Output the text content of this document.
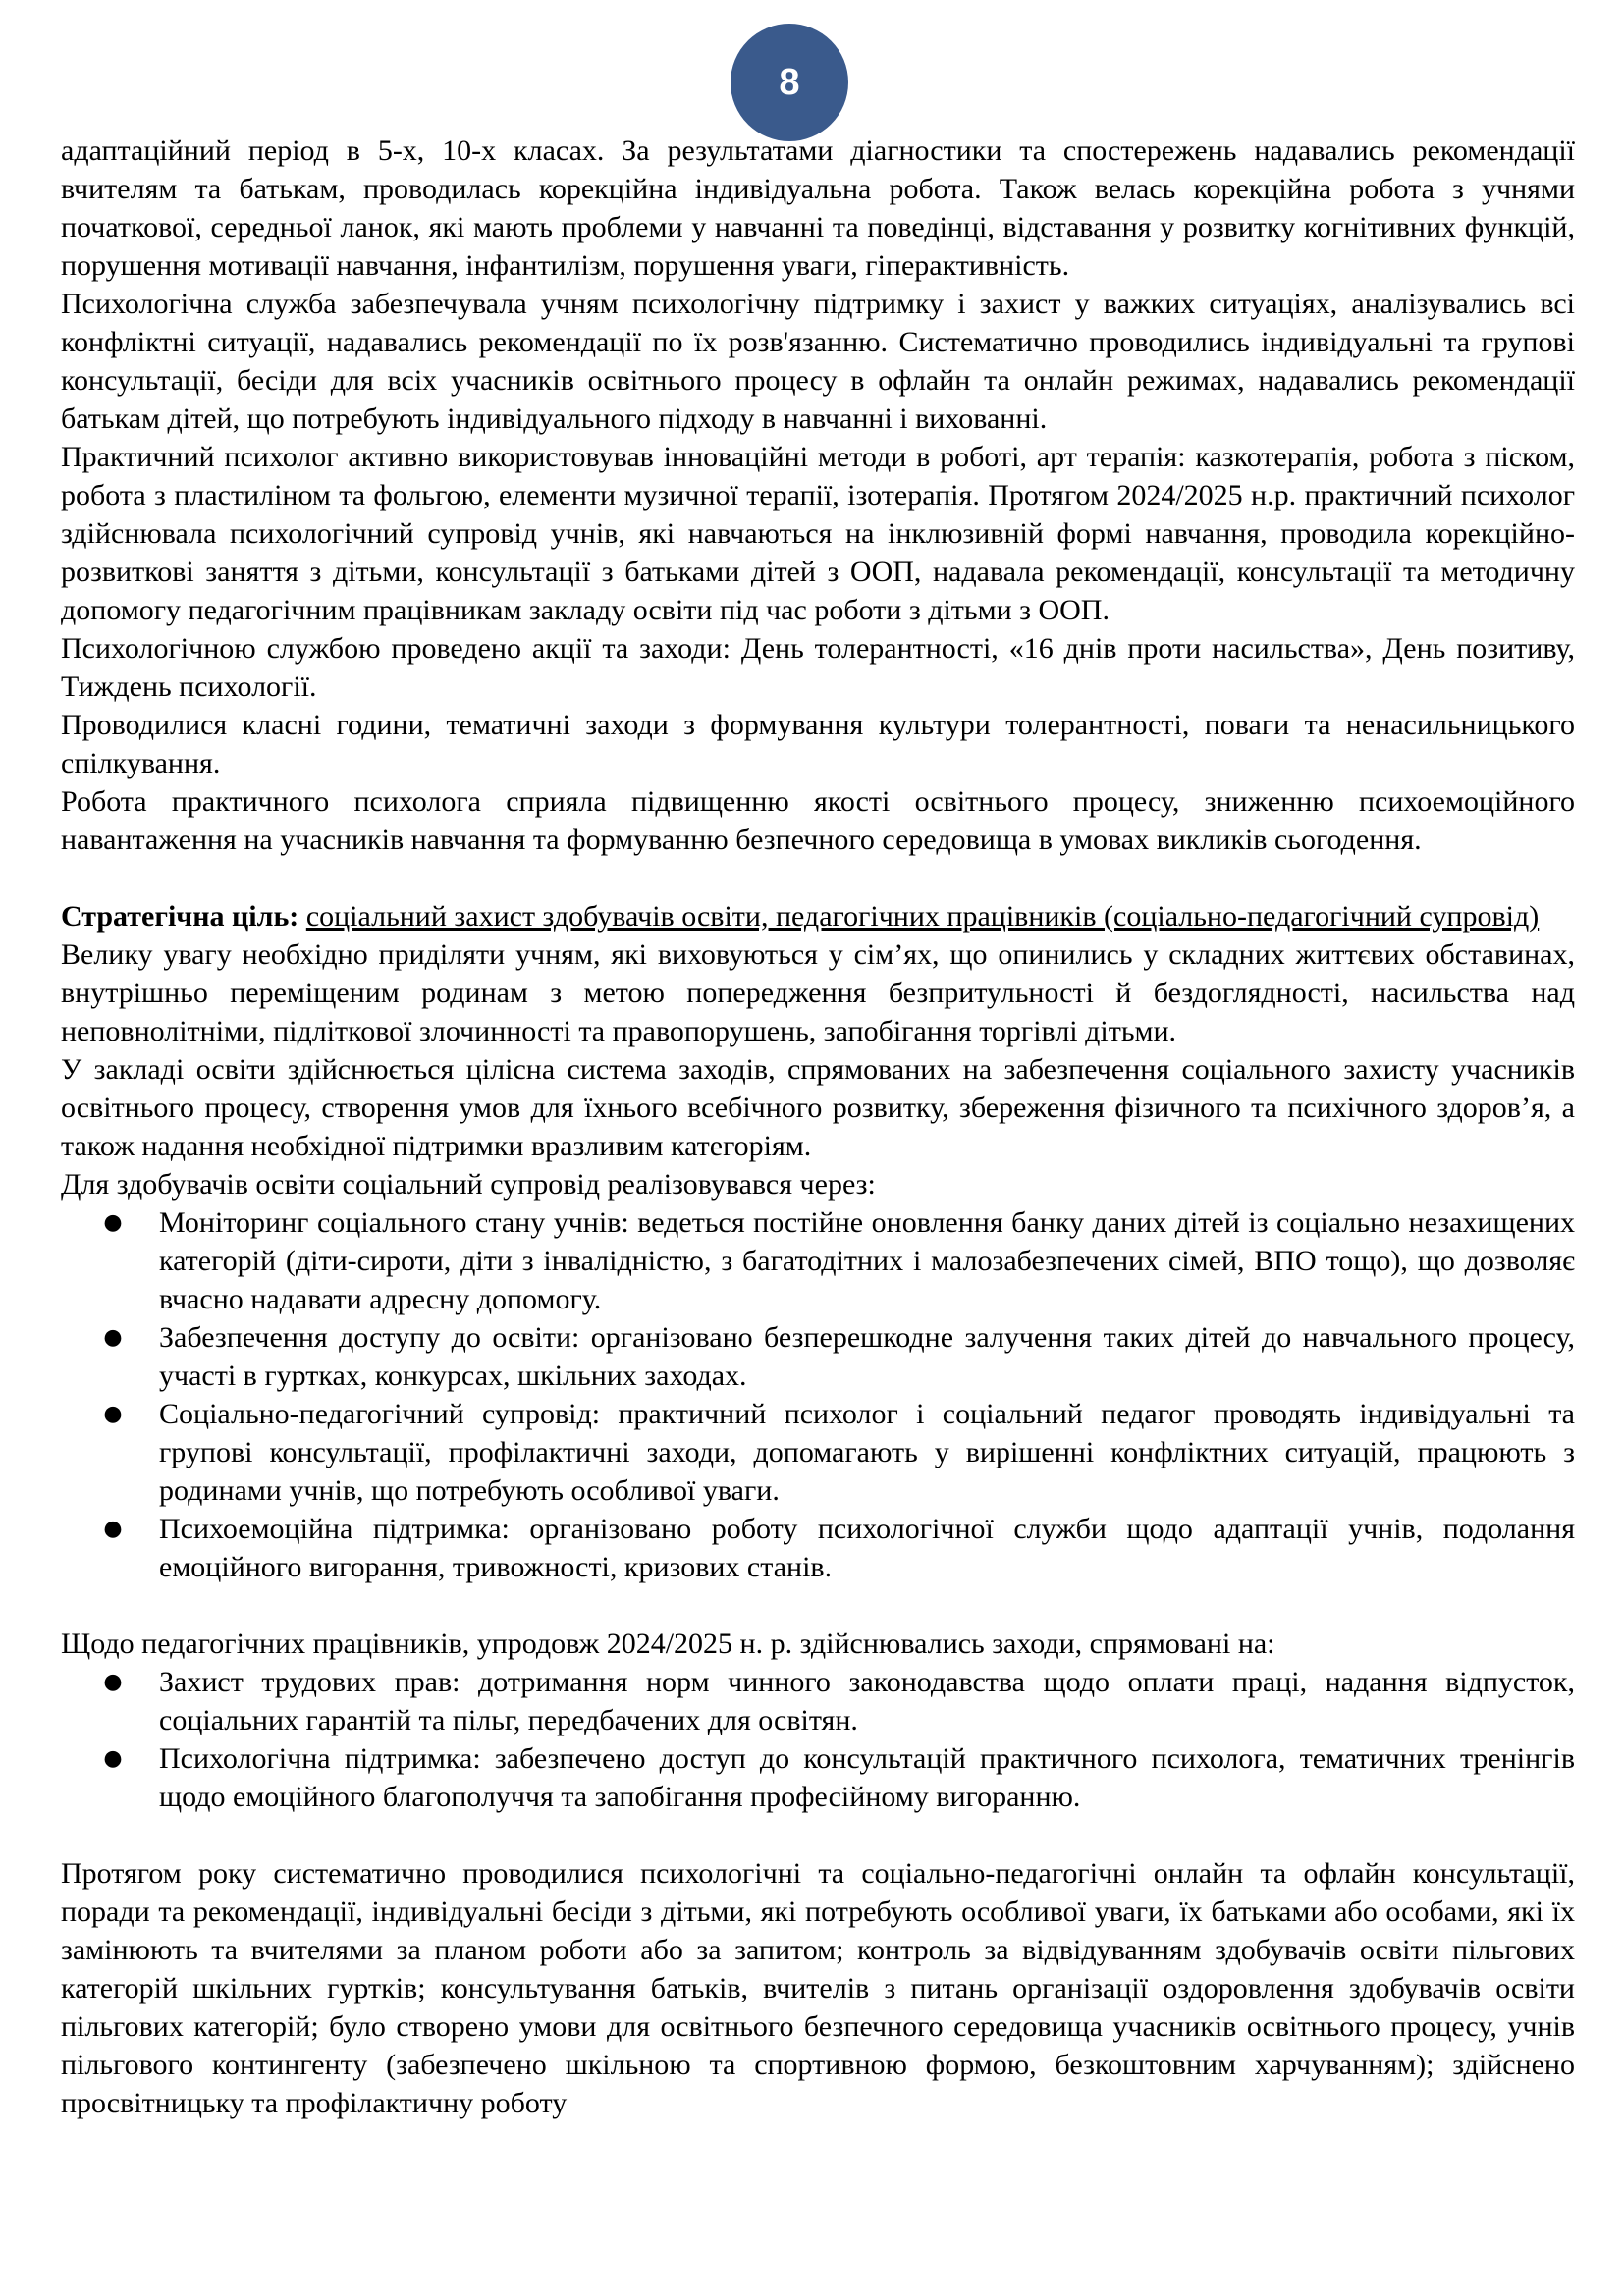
8

адаптаційний період в 5-х, 10-х класах. За результатами діагностики та спостережень надавались рекомендації вчителям та батькам, проводилась корекційна індивідуальна робота. Також велась корекційна робота з учнями початкової, середньої ланок, які мають проблеми у навчанні та поведінці, відставання у розвитку когнітивних функцій, порушення мотивації навчання, інфантилізм, порушення уваги, гіперактивність.

Психологічна служба забезпечувала учням психологічну підтримку і захист у важких ситуаціях, аналізувались всі конфліктні ситуації, надавались рекомендації по їх розв'язанню. Систематично проводились індивідуальні та групові консультації, бесіди для всіх учасників освітнього процесу в офлайн та онлайн режимах, надавались рекомендації батькам дітей, що потребують індивідуального підходу в навчанні і вихованні.

Практичний психолог активно використовував інноваційні методи в роботі, арт терапія: казкотерапія, робота з піском, робота з пластиліном та фольгою, елементи музичної терапії, ізотерапія. Протягом 2024/2025 н.р. практичний психолог здійснювала психологічний супровід учнів, які навчаються на інклюзивній формі навчання, проводила корекційно-розвиткові заняття з дітьми, консультації з батьками дітей з ООП, надавала рекомендації, консультації та методичну допомогу педагогічним працівникам закладу освіти під час роботи з дітьми з ООП.

Психологічною службою проведено акції та заходи: День толерантності, «16 днів проти насильства», День позитиву, Тиждень психології.

Проводилися класні години, тематичні заходи з формування культури толерантності, поваги та ненасильницького спілкування.

Робота практичного психолога сприяла підвищенню якості освітнього процесу, зниженню психоемоційного навантаження на учасників навчання та формуванню безпечного середовища в умовах викликів сьогодення.

Стратегічна ціль: соціальний захист здобувачів освіти, педагогічних працівників (соціально-педагогічний супровід)

Велику увагу необхідно приділяти учням, які виховуються у сім’ях, що опинились у складних життєвих обставинах, внутрішньо переміщеним родинам з метою попередження безпритульності й бездоглядності, насильства над неповнолітніми, підліткової злочинності та правопорушень, запобігання торгівлі дітьми.

У закладі освіти здійснюється цілісна система заходів, спрямованих на забезпечення соціального захисту учасників освітнього процесу, створення умов для їхнього всебічного розвитку, збереження фізичного та психічного здоров’я, а також надання необхідної підтримки вразливим категоріям.

Для здобувачів освіти соціальний супровід реалізовувався через:

● Моніторинг соціального стану учнів: ведеться постійне оновлення банку даних дітей із соціально незахищених категорій (діти-сироти, діти з інвалідністю, з багатодітних і малозабезпечених сімей, ВПО тощо), що дозволяє вчасно надавати адресну допомогу.
● Забезпечення доступу до освіти: організовано безперешкодне залучення таких дітей до навчального процесу, участі в гуртках, конкурсах, шкільних заходах.
● Соціально-педагогічний супровід: практичний психолог і соціальний педагог проводять індивідуальні та групові консультації, профілактичні заходи, допомагають у вирішенні конфліктних ситуацій, працюють з родинами учнів, що потребують особливої уваги.
● Психоемоційна підтримка: організовано роботу психологічної служби щодо адаптації учнів, подолання емоційного вигорання, тривожності, кризових станів.

Щодо педагогічних працівників, упродовж 2024/2025 н. р. здійснювались заходи, спрямовані на:

● Захист трудових прав: дотримання норм чинного законодавства щодо оплати праці, надання відпусток, соціальних гарантій та пільг, передбачених для освітян.
● Психологічна підтримка: забезпечено доступ до консультацій практичного психолога, тематичних тренінгів щодо емоційного благополуччя та запобігання професійному вигоранню.

Протягом року систематично проводилися психологічні та соціально-педагогічні онлайн та офлайн консультації, поради та рекомендації, індивідуальні бесіди з дітьми, які потребують особливої уваги, їх батьками або особами, які їх замінюють та вчителями за планом роботи або за запитом; контроль за відвідуванням здобувачів освіти пільгових категорій шкільних гуртків; консультування батьків, вчителів з питань організації оздоровлення здобувачів освіти пільгових категорій; було створено умови для освітнього безпечного середовища учасників освітнього процесу, учнів пільгового контингенту (забезпечено шкільною та спортивною формою, безкоштовним харчуванням); здійснено просвітницьку та профілактичну роботу
